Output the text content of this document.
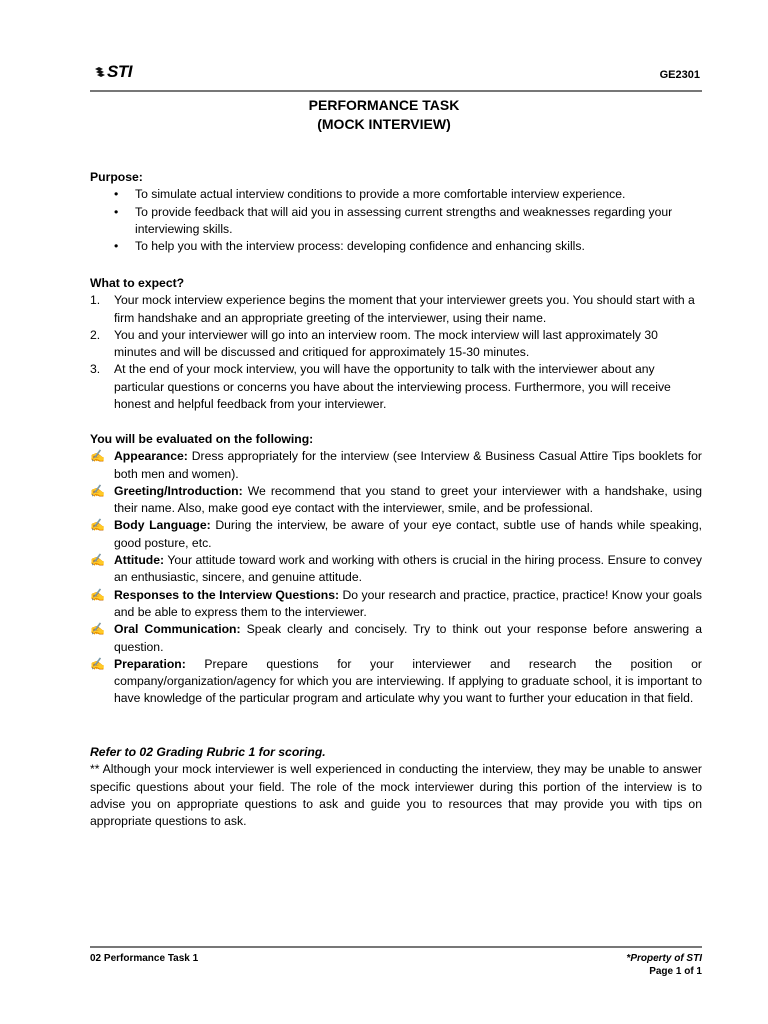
STI	GE2301
PERFORMANCE TASK
(MOCK INTERVIEW)
Purpose:
• To simulate actual interview conditions to provide a more comfortable interview experience.
• To provide feedback that will aid you in assessing current strengths and weaknesses regarding your interviewing skills.
• To help you with the interview process: developing confidence and enhancing skills.
What to expect?
1. Your mock interview experience begins the moment that your interviewer greets you. You should start with a firm handshake and an appropriate greeting of the interviewer, using their name.
2. You and your interviewer will go into an interview room. The mock interview will last approximately 30 minutes and will be discussed and critiqued for approximately 15-30 minutes.
3. At the end of your mock interview, you will have the opportunity to talk with the interviewer about any particular questions or concerns you have about the interviewing process. Furthermore, you will receive honest and helpful feedback from your interviewer.
You will be evaluated on the following:
✍ Appearance: Dress appropriately for the interview (see Interview & Business Casual Attire Tips booklets for both men and women).
✍ Greeting/Introduction: We recommend that you stand to greet your interviewer with a handshake, using their name. Also, make good eye contact with the interviewer, smile, and be professional.
✍ Body Language: During the interview, be aware of your eye contact, subtle use of hands while speaking, good posture, etc.
✍ Attitude: Your attitude toward work and working with others is crucial in the hiring process. Ensure to convey an enthusiastic, sincere, and genuine attitude.
✍ Responses to the Interview Questions: Do your research and practice, practice, practice! Know your goals and be able to express them to the interviewer.
✍ Oral Communication: Speak clearly and concisely. Try to think out your response before answering a question.
✍ Preparation: Prepare questions for your interviewer and research the position or company/organization/agency for which you are interviewing. If applying to graduate school, it is important to have knowledge of the particular program and articulate why you want to further your education in that field.
Refer to 02 Grading Rubric 1 for scoring.
** Although your mock interviewer is well experienced in conducting the interview, they may be unable to answer specific questions about your field. The role of the mock interviewer during this portion of the interview is to advise you on appropriate questions to ask and guide you to resources that may provide you with tips on appropriate questions to ask.
02 Performance Task 1	*Property of STI
Page 1 of 1
